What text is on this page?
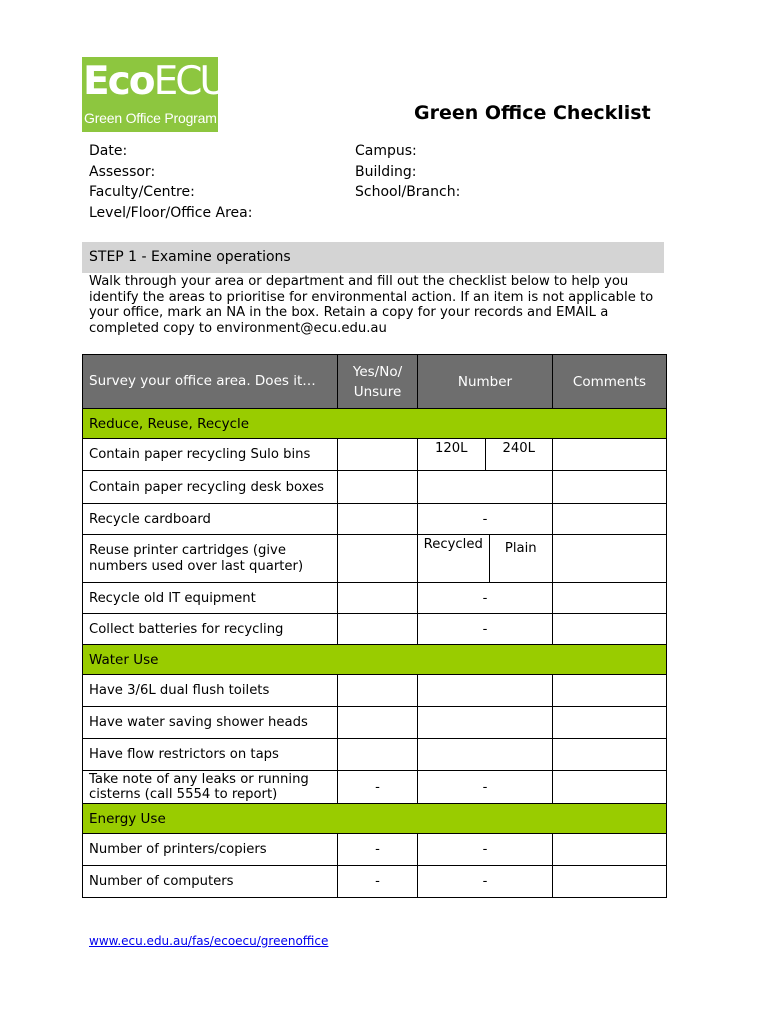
EcoECU
Green Office Program	Green Office Checklist
Date:
Assessor:
Faculty/Centre:
Level/Floor/Office Area:
Campus:
Building:
School/Branch:
STEP 1 - Examine operations
Walk through your area or department and fill out the checklist below to help you identify the areas to prioritise for environmental action. If an item is not applicable to your office, mark an NA in the box. Retain a copy for your records and EMAIL a completed copy to environment@ecu.edu.au
Survey your office area. Does it…	Yes/No/ Unsure	Number	Comments
Reduce, Reuse, Recycle			
Contain paper recycling Sulo bins		120L 240L	

Contain paper recycling desk boxes			
Recycle cardboard		-	
Reuse printer cartridges (give numbers used over last quarter)		Recycled Plain	

Recycle old IT equipment		-	
Collect batteries for recycling		-	
Water Use			
Have 3/6L dual flush toilets			
Have water saving shower heads			
Have flow restrictors on taps			
Take note of any leaks or running cisterns (call 5554 to report)	-	-	
Energy Use			
Number of printers/copiers	-	-	
Number of computers	-	-	
www.ecu.edu.au/fas/ecoecu/greenoffice
